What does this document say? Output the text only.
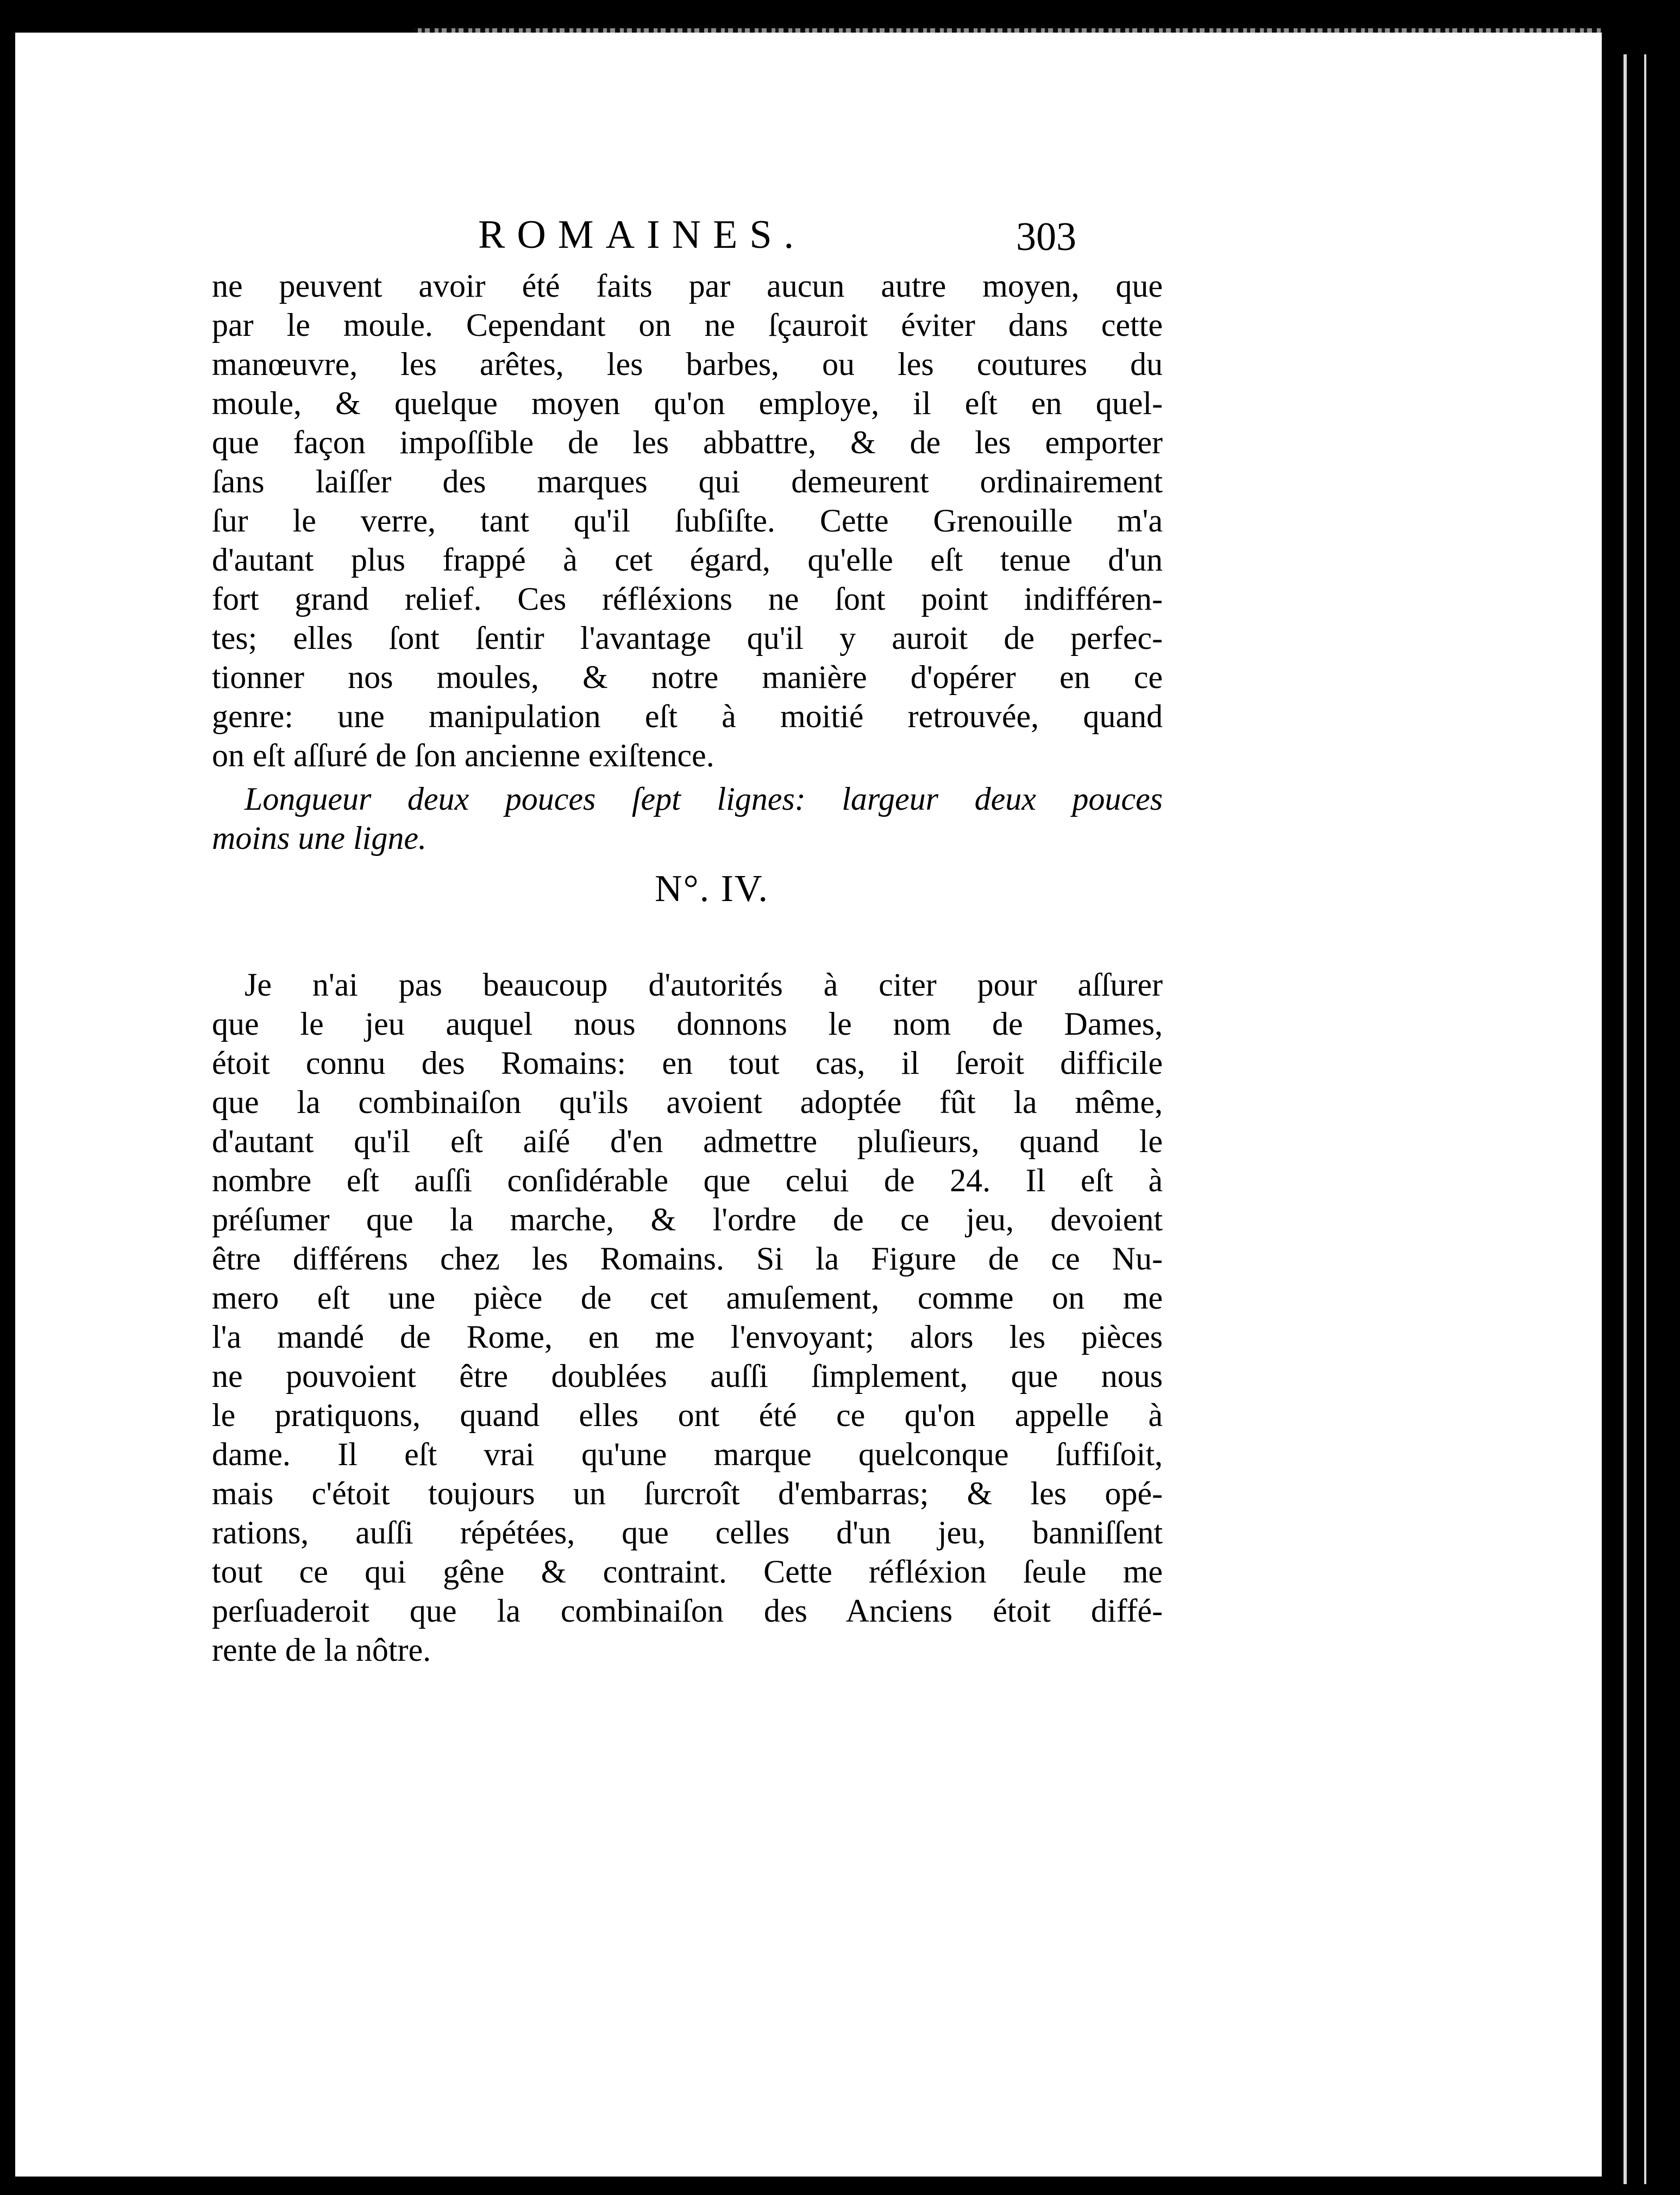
ROMAINES.	303
ne peuvent avoir été faits par aucun autre moyen, que
par le moule. Cependant on ne ſçauroit éviter dans cette
manœuvre, les arêtes, les barbes, ou les coutures du
moule, & quelque moyen qu'on employe, il eſt en quel-
que façon impoſſible de les abbattre, & de les emporter
ſans laiſſer des marques qui demeurent ordinairement
ſur le verre, tant qu'il ſubſiſte. Cette Grenouille m'a
d'autant plus frappé à cet égard, qu'elle eſt tenue d'un
fort grand relief. Ces réfléxions ne ſont point indifféren-
tes; elles ſont ſentir l'avantage qu'il y auroit de perfec-
tionner nos moules, & notre manière d'opérer en ce
genre: une manipulation eſt à moitié retrouvée, quand
on eſt aſſuré de ſon ancienne exiſtence.
Longueur deux pouces ſept lignes: largeur deux pouces
moins une ligne.
N°. IV.
Je n'ai pas beaucoup d'autorités à citer pour aſſurer
que le jeu auquel nous donnons le nom de Dames,
étoit connu des Romains: en tout cas, il ſeroit difficile
que la combinaiſon qu'ils avoient adoptée fût la même,
d'autant qu'il eſt aiſé d'en admettre pluſieurs, quand le
nombre eſt auſſi conſidérable que celui de 24. Il eſt à
préſumer que la marche, & l'ordre de ce jeu, devoient
être différens chez les Romains. Si la Figure de ce Nu-
mero eſt une pièce de cet amuſement, comme on me
l'a mandé de Rome, en me l'envoyant; alors les pièces
ne pouvoient être doublées auſſi ſimplement, que nous
le pratiquons, quand elles ont été ce qu'on appelle à
dame. Il eſt vrai qu'une marque quelconque ſuffiſoit,
mais c'étoit toujours un ſurcroît d'embarras; & les opé-
rations, auſſi répétées, que celles d'un jeu, banniſſent
tout ce qui gêne & contraint. Cette réfléxion ſeule me
perſuaderoit que la combinaiſon des Anciens étoit diffé-
rente de la nôtre.
